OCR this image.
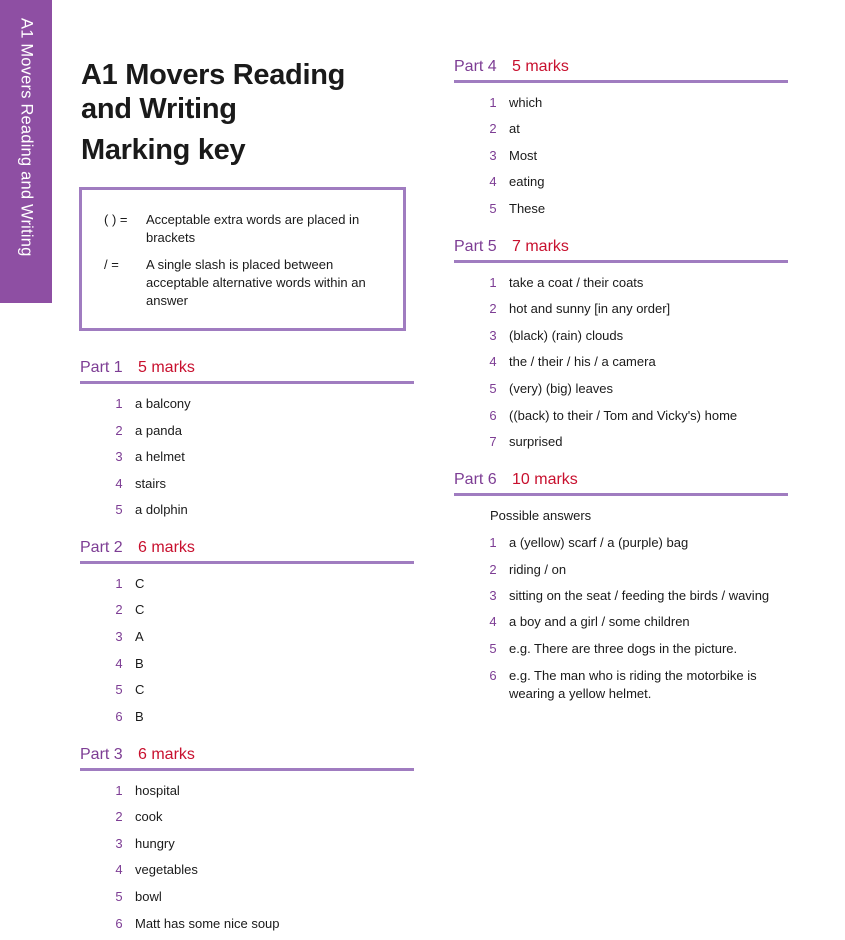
A1 Movers Reading and Writing A1 Movers Reading
and Writing
Marking key
( ) =	Acceptable extra words are placed in brackets
/ =	A single slash is placed between acceptable alternative words within an answer
Part 1 5 marks
1 a balcony
2 a panda
3 a helmet
4 stairs
5 a dolphin
Part 2 6 marks
1 C
2 C
3 A
4 B
5 C
6 B
Part 3 6 marks
1 hospital
2 cook
3 hungry
4 vegetables
5 bowl
6 Matt has some nice soup
Part 4 5 marks
1 which
2 at
3 Most
4 eating
5 These
Part 5 7 marks
1 take a coat / their coats
2 hot and sunny [in any order]
3 (black) (rain) clouds
4 the / their / his / a camera
5 (very) (big) leaves
6 ((back) to their / Tom and Vicky's) home
7 surprised
Part 6 10 marks
Possible answers
1 a (yellow) scarf / a (purple) bag
2 riding / on
3 sitting on the seat / feeding the birds / waving
4 a boy and a girl / some children
5 e.g. There are three dogs in the picture.
6 e.g. The man who is riding the motorbike is wearing a yellow helmet.
